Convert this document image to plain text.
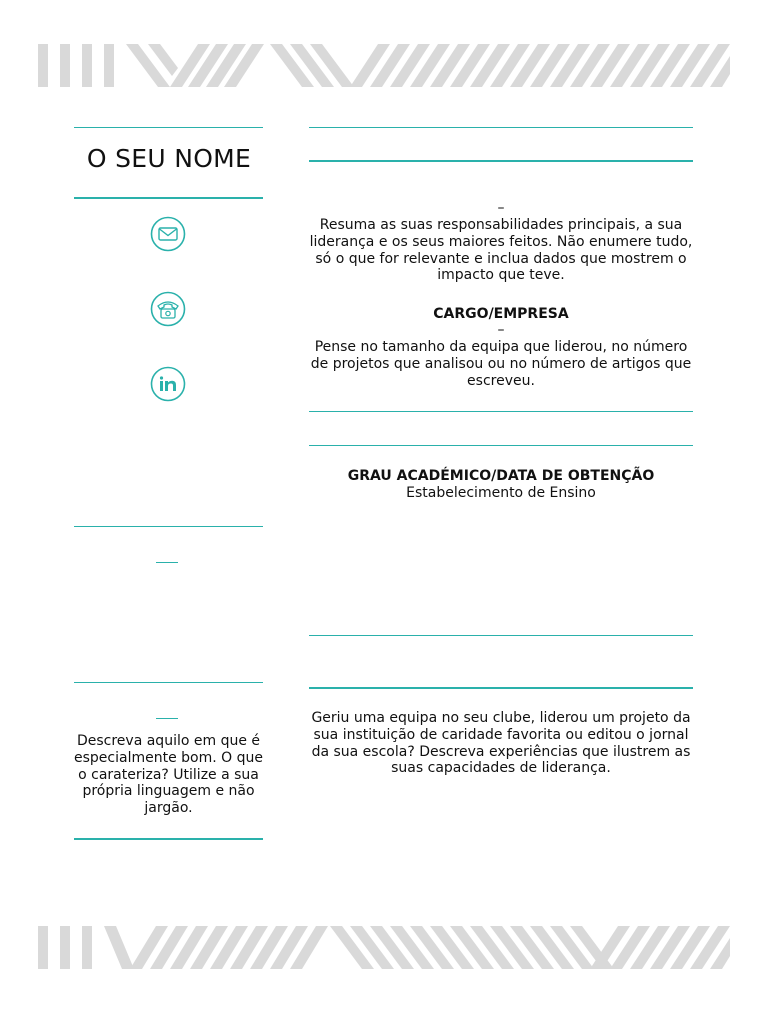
O SEU NOME
Descreva aquilo em que é especialmente bom. O que o carateriza? Utilize a sua própria linguagem e não jargão.
–
Resuma as suas responsabilidades principais, a sua liderança e os seus maiores feitos. Não enumere tudo, só o que for relevante e inclua dados que mostrem o impacto que teve.
CARGO/EMPRESA
–
Pense no tamanho da equipa que liderou, no número de projetos que analisou ou no número de artigos que escreveu.
GRAU ACADÉMICO/DATA DE OBTENÇÃO
Estabelecimento de Ensino
Geriu uma equipa no seu clube, liderou um projeto da sua instituição de caridade favorita ou editou o jornal da sua escola? Descreva experiências que ilustrem as suas capacidades de liderança.
